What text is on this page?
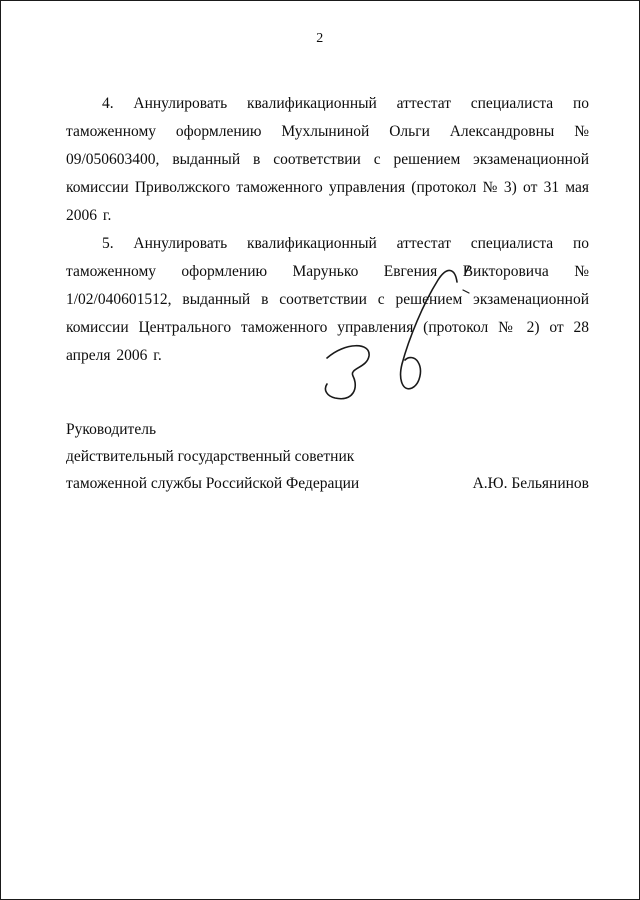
2

4. Аннулировать квалификационный аттестат специалиста по таможенному оформлению Мухлыниной Ольги Александровны № 09/050603400, выданный в соответствии с решением экзаменационной комиссии Приволжского таможенного управления (протокол № 3) от 31 мая 2006 г.

5. Аннулировать квалификационный аттестат специалиста по таможенному оформлению Марунько Евгения Викторовича № 1/02/040601512, выданный в соответствии с решением экзаменационной комиссии Центрального таможенного управления (протокол № 2) от 28 апреля 2006 г.

Руководитель
действительный государственный советник
таможенной службы Российской Федерации	А.Ю. Бельянинов
